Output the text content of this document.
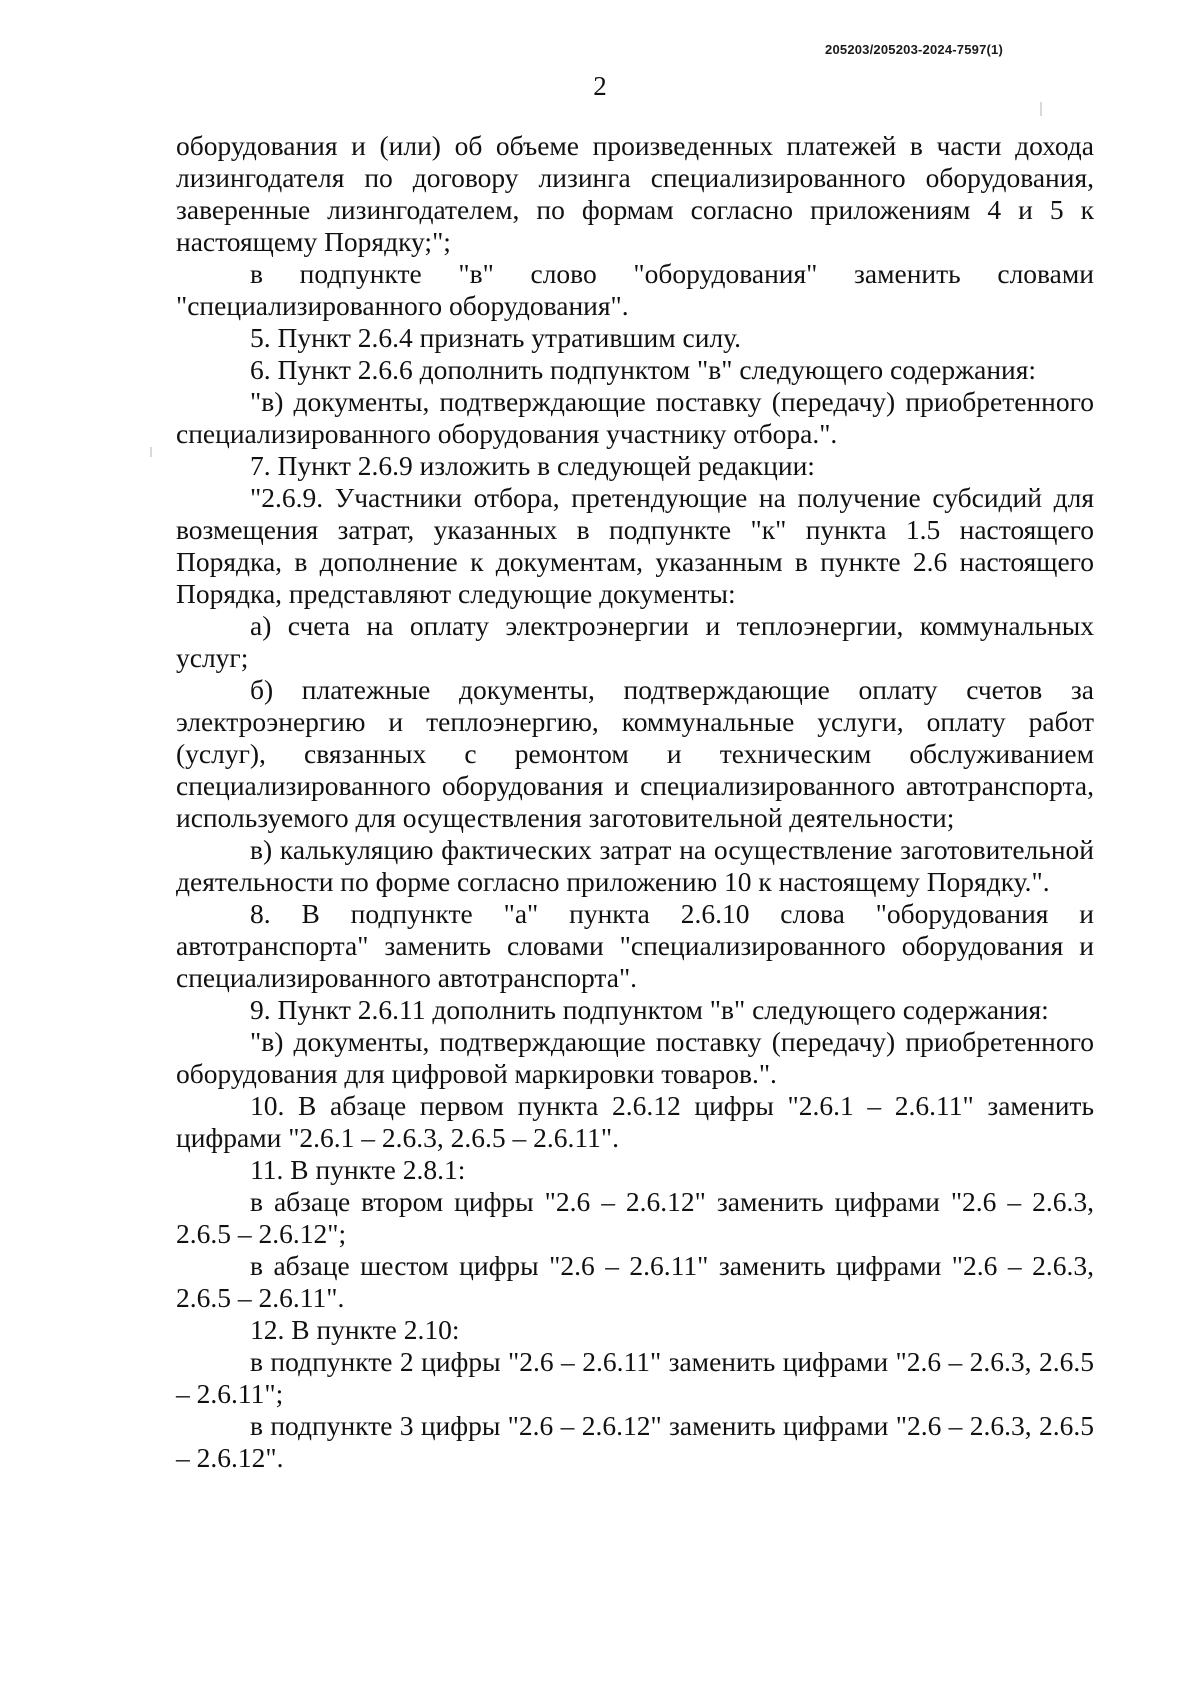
205203/205203-2024-7597(1)
2

оборудования и (или) об объеме произведенных платежей в части дохода лизингодателя по договору лизинга специализированного оборудования, заверенные лизингодателем, по формам согласно приложениям 4 и 5 к настоящему Порядку;";

в подпункте "в" слово "оборудования" заменить словами "специализированного оборудования".

5. Пункт 2.6.4 признать утратившим силу.

6. Пункт 2.6.6 дополнить подпунктом "в" следующего содержания:

"в) документы, подтверждающие поставку (передачу) приобретенного специализированного оборудования участнику отбора.".

7. Пункт 2.6.9 изложить в следующей редакции:

"2.6.9. Участники отбора, претендующие на получение субсидий для возмещения затрат, указанных в подпункте "к" пункта 1.5 настоящего Порядка, в дополнение к документам, указанным в пункте 2.6 настоящего Порядка, представляют следующие документы:

а) счета на оплату электроэнергии и теплоэнергии, коммунальных услуг;

б) платежные документы, подтверждающие оплату счетов за электроэнергию и теплоэнергию, коммунальные услуги, оплату работ (услуг), связанных с ремонтом и техническим обслуживанием специализированного оборудования и специализированного автотранспорта, используемого для осуществления заготовительной деятельности;

в) калькуляцию фактических затрат на осуществление заготовительной деятельности по форме согласно приложению 10 к настоящему Порядку.".

8. В подпункте "а" пункта 2.6.10 слова "оборудования и автотранспорта" заменить словами "специализированного оборудования и специализированного автотранспорта".

9. Пункт 2.6.11 дополнить подпунктом "в" следующего содержания:

"в) документы, подтверждающие поставку (передачу) приобретенного оборудования для цифровой маркировки товаров.".

10. В абзаце первом пункта 2.6.12 цифры "2.6.1 – 2.6.11" заменить цифрами "2.6.1 – 2.6.3, 2.6.5 – 2.6.11".

11. В пункте 2.8.1:

в абзаце втором цифры "2.6 – 2.6.12" заменить цифрами "2.6 – 2.6.3, 2.6.5 – 2.6.12";

в абзаце шестом цифры "2.6 – 2.6.11" заменить цифрами "2.6 – 2.6.3, 2.6.5 – 2.6.11".

12. В пункте 2.10:

в подпункте 2 цифры "2.6 – 2.6.11" заменить цифрами "2.6 – 2.6.3, 2.6.5 – 2.6.11";

в подпункте 3 цифры "2.6 – 2.6.12" заменить цифрами "2.6 – 2.6.3, 2.6.5 – 2.6.12".
